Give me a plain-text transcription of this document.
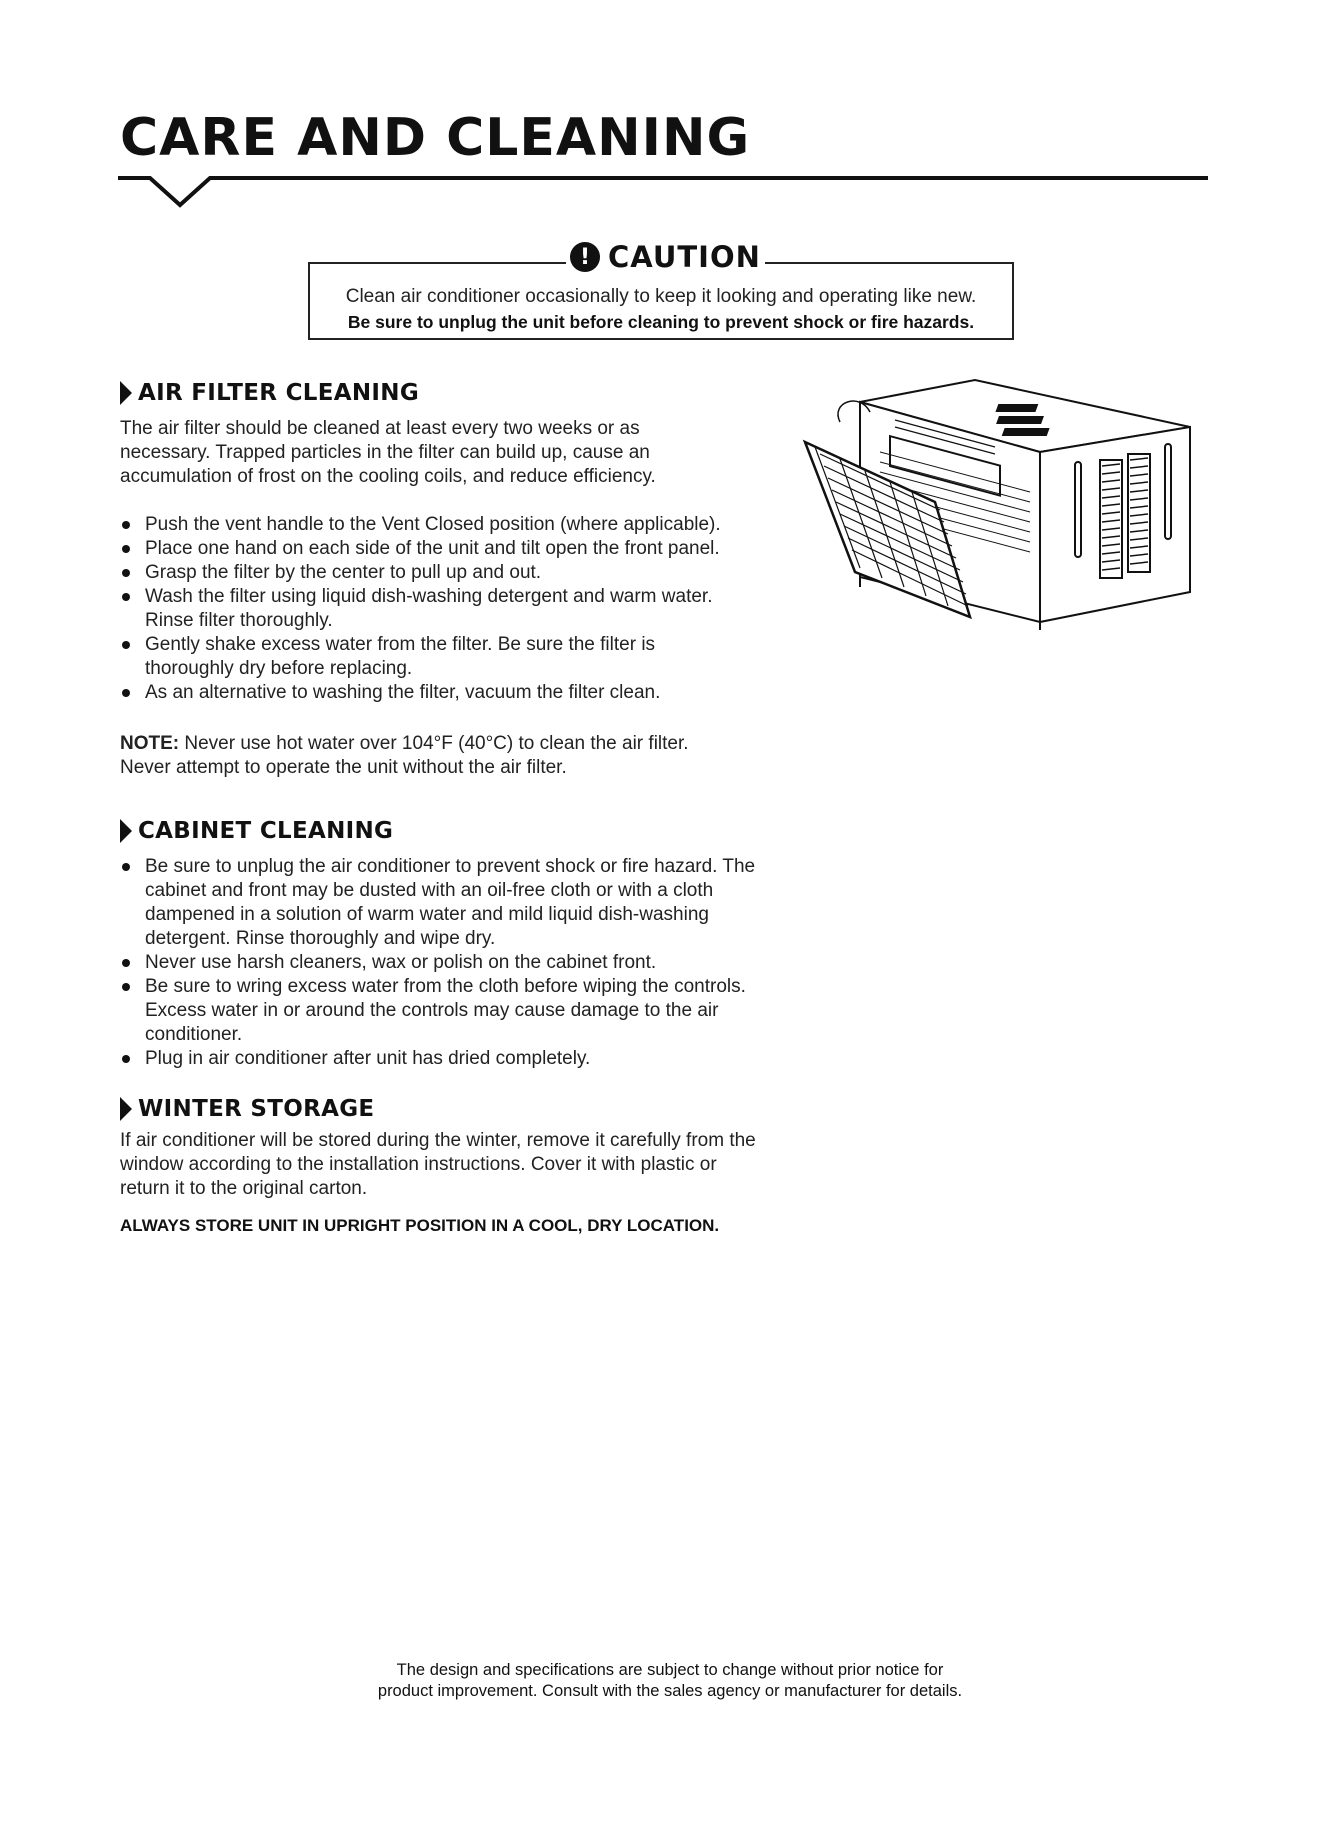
CARE AND CLEANING
Clean air conditioner occasionally to keep it looking and operating like new.
Be sure to unplug the unit before cleaning to prevent shock or fire hazards.
! CAUTION
AIR FILTER CLEANING

The air filter should be cleaned at least every two weeks or as necessary. Trapped particles in the filter can build up, cause an accumulation of frost on the cooling coils, and reduce efficiency.

Push the vent handle to the Vent Closed position (where applicable).
Place one hand on each side of the unit and tilt open the front panel.
Grasp the filter by the center to pull up and out.
Wash the filter using liquid dish-washing detergent and warm water. Rinse filter thoroughly.
Gently shake excess water from the filter. Be sure the filter is thoroughly dry before replacing.
As an alternative to washing the filter, vacuum the filter clean.

NOTE: Never use hot water over 104°F (40°C) to clean the air filter.
Never attempt to operate the unit without the air filter.

CABINET CLEANING
Be sure to unplug the air conditioner to prevent shock or fire hazard. The cabinet and front may be dusted with an oil-free cloth or with a cloth dampened in a solution of warm water and mild liquid dish-washing detergent. Rinse thoroughly and wipe dry.
Never use harsh cleaners, wax or polish on the cabinet front.
Be sure to wring excess water from the cloth before wiping the controls. Excess water in or around the controls may cause damage to the air conditioner.
Plug in air conditioner after unit has dried completely.
WINTER STORAGE

If air conditioner will be stored during the winter, remove it carefully from the window according to the installation instructions. Cover it with plastic or return it to the original carton.

ALWAYS STORE UNIT IN UPRIGHT POSITION IN A COOL, DRY LOCATION.

The design and specifications are subject to change without prior notice for
product improvement. Consult with the sales agency or manufacturer for details.
